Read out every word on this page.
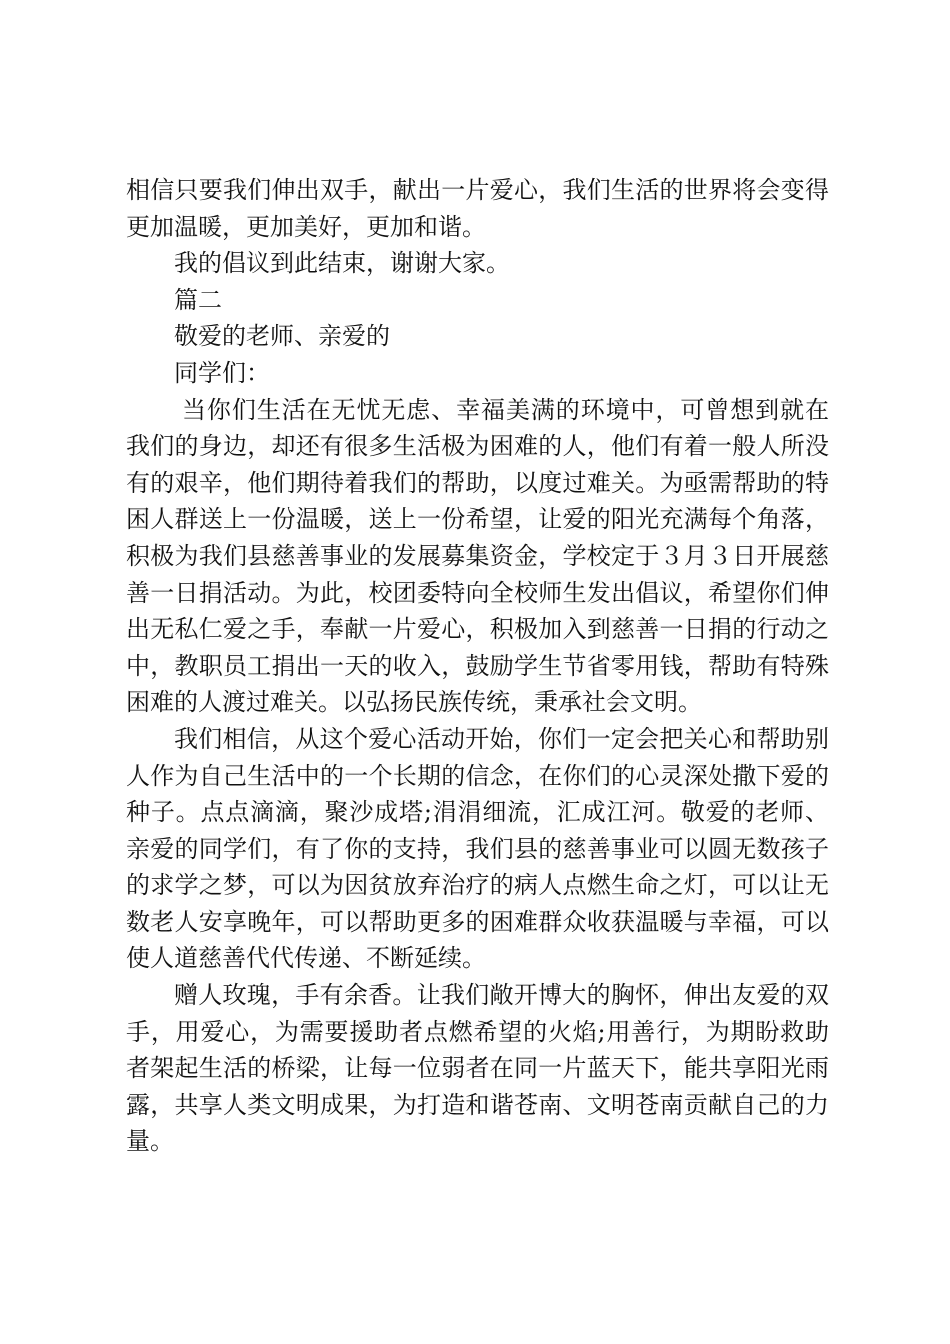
相信只要我们伸出双手，献出一片爱心，我们生活的世界将会变得更加温暖，更加美好，更加和谐。

我的倡议到此结束，谢谢大家。

篇二

敬爱的老师、亲爱的

同学们：

当你们生活在无忧无虑、幸福美满的环境中，可曾想到就在我们的身边，却还有很多生活极为困难的人，他们有着一般人所没有的艰辛，他们期待着我们的帮助，以度过难关。为亟需帮助的特困人群送上一份温暖，送上一份希望，让爱的阳光充满每个角落，积极为我们县慈善事业的发展募集资金，学校定于３月３日开展慈善一日捐活动。为此，校团委特向全校师生发出倡议，希望你们伸出无私仁爱之手，奉献一片爱心，积极加入到慈善一日捐的行动之中，教职员工捐出一天的收入，鼓励学生节省零用钱，帮助有特殊困难的人渡过难关。以弘扬民族传统，秉承社会文明。

我们相信，从这个爱心活动开始，你们一定会把关心和帮助别人作为自己生活中的一个长期的信念，在你们的心灵深处撒下爱的种子。点点滴滴，聚沙成塔;涓涓细流，汇成江河。敬爱的老师、亲爱的同学们，有了你的支持，我们县的慈善事业可以圆无数孩子的求学之梦，可以为因贫放弃治疗的病人点燃生命之灯，可以让无数老人安享晚年，可以帮助更多的困难群众收获温暖与幸福，可以使人道慈善代代传递、不断延续。

赠人玫瑰，手有余香。让我们敞开博大的胸怀，伸出友爱的双手，用爱心，为需要援助者点燃希望的火焰;用善行，为期盼救助者架起生活的桥梁，让每一位弱者在同一片蓝天下，能共享阳光雨露，共享人类文明成果，为打造和谐苍南、文明苍南贡献自己的力量。
